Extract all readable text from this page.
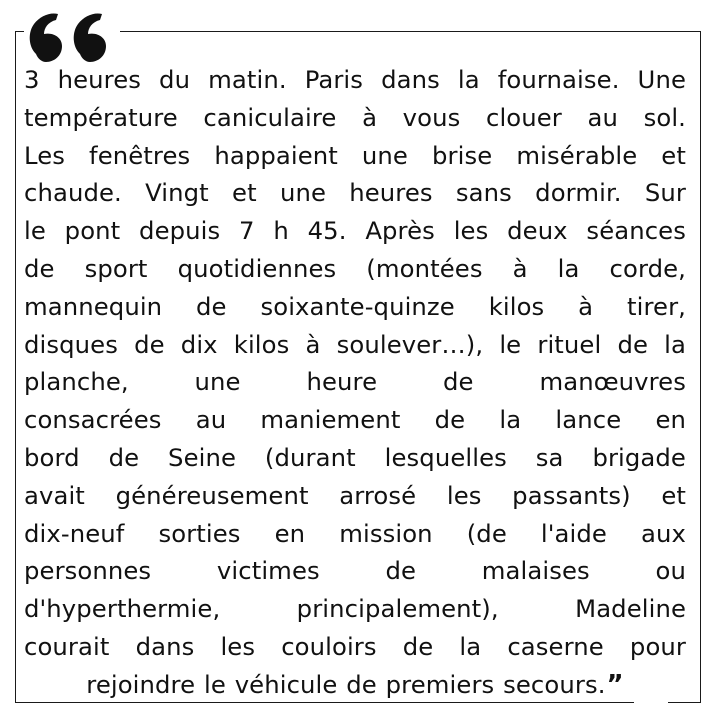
3 heures du matin. Paris dans la fournaise. Une
température caniculaire à vous clouer au sol.
Les fenêtres happaient une brise misérable et
chaude. Vingt et une heures sans dormir. Sur
le pont depuis 7 h 45. Après les deux séances
de sport quotidiennes (montées à la corde,
mannequin de soixante-quinze kilos à tirer,
disques de dix kilos à soulever…), le rituel de la
planche, une heure de manœuvres
consacrées au maniement de la lance en
bord de Seine (durant lesquelles sa brigade
avait généreusement arrosé les passants) et
dix-neuf sorties en mission (de l'aide aux
personnes victimes de malaises ou
d'hyperthermie, principalement), Madeline
courait dans les couloirs de la caserne pour
rejoindre le véhicule de premiers secours.”
